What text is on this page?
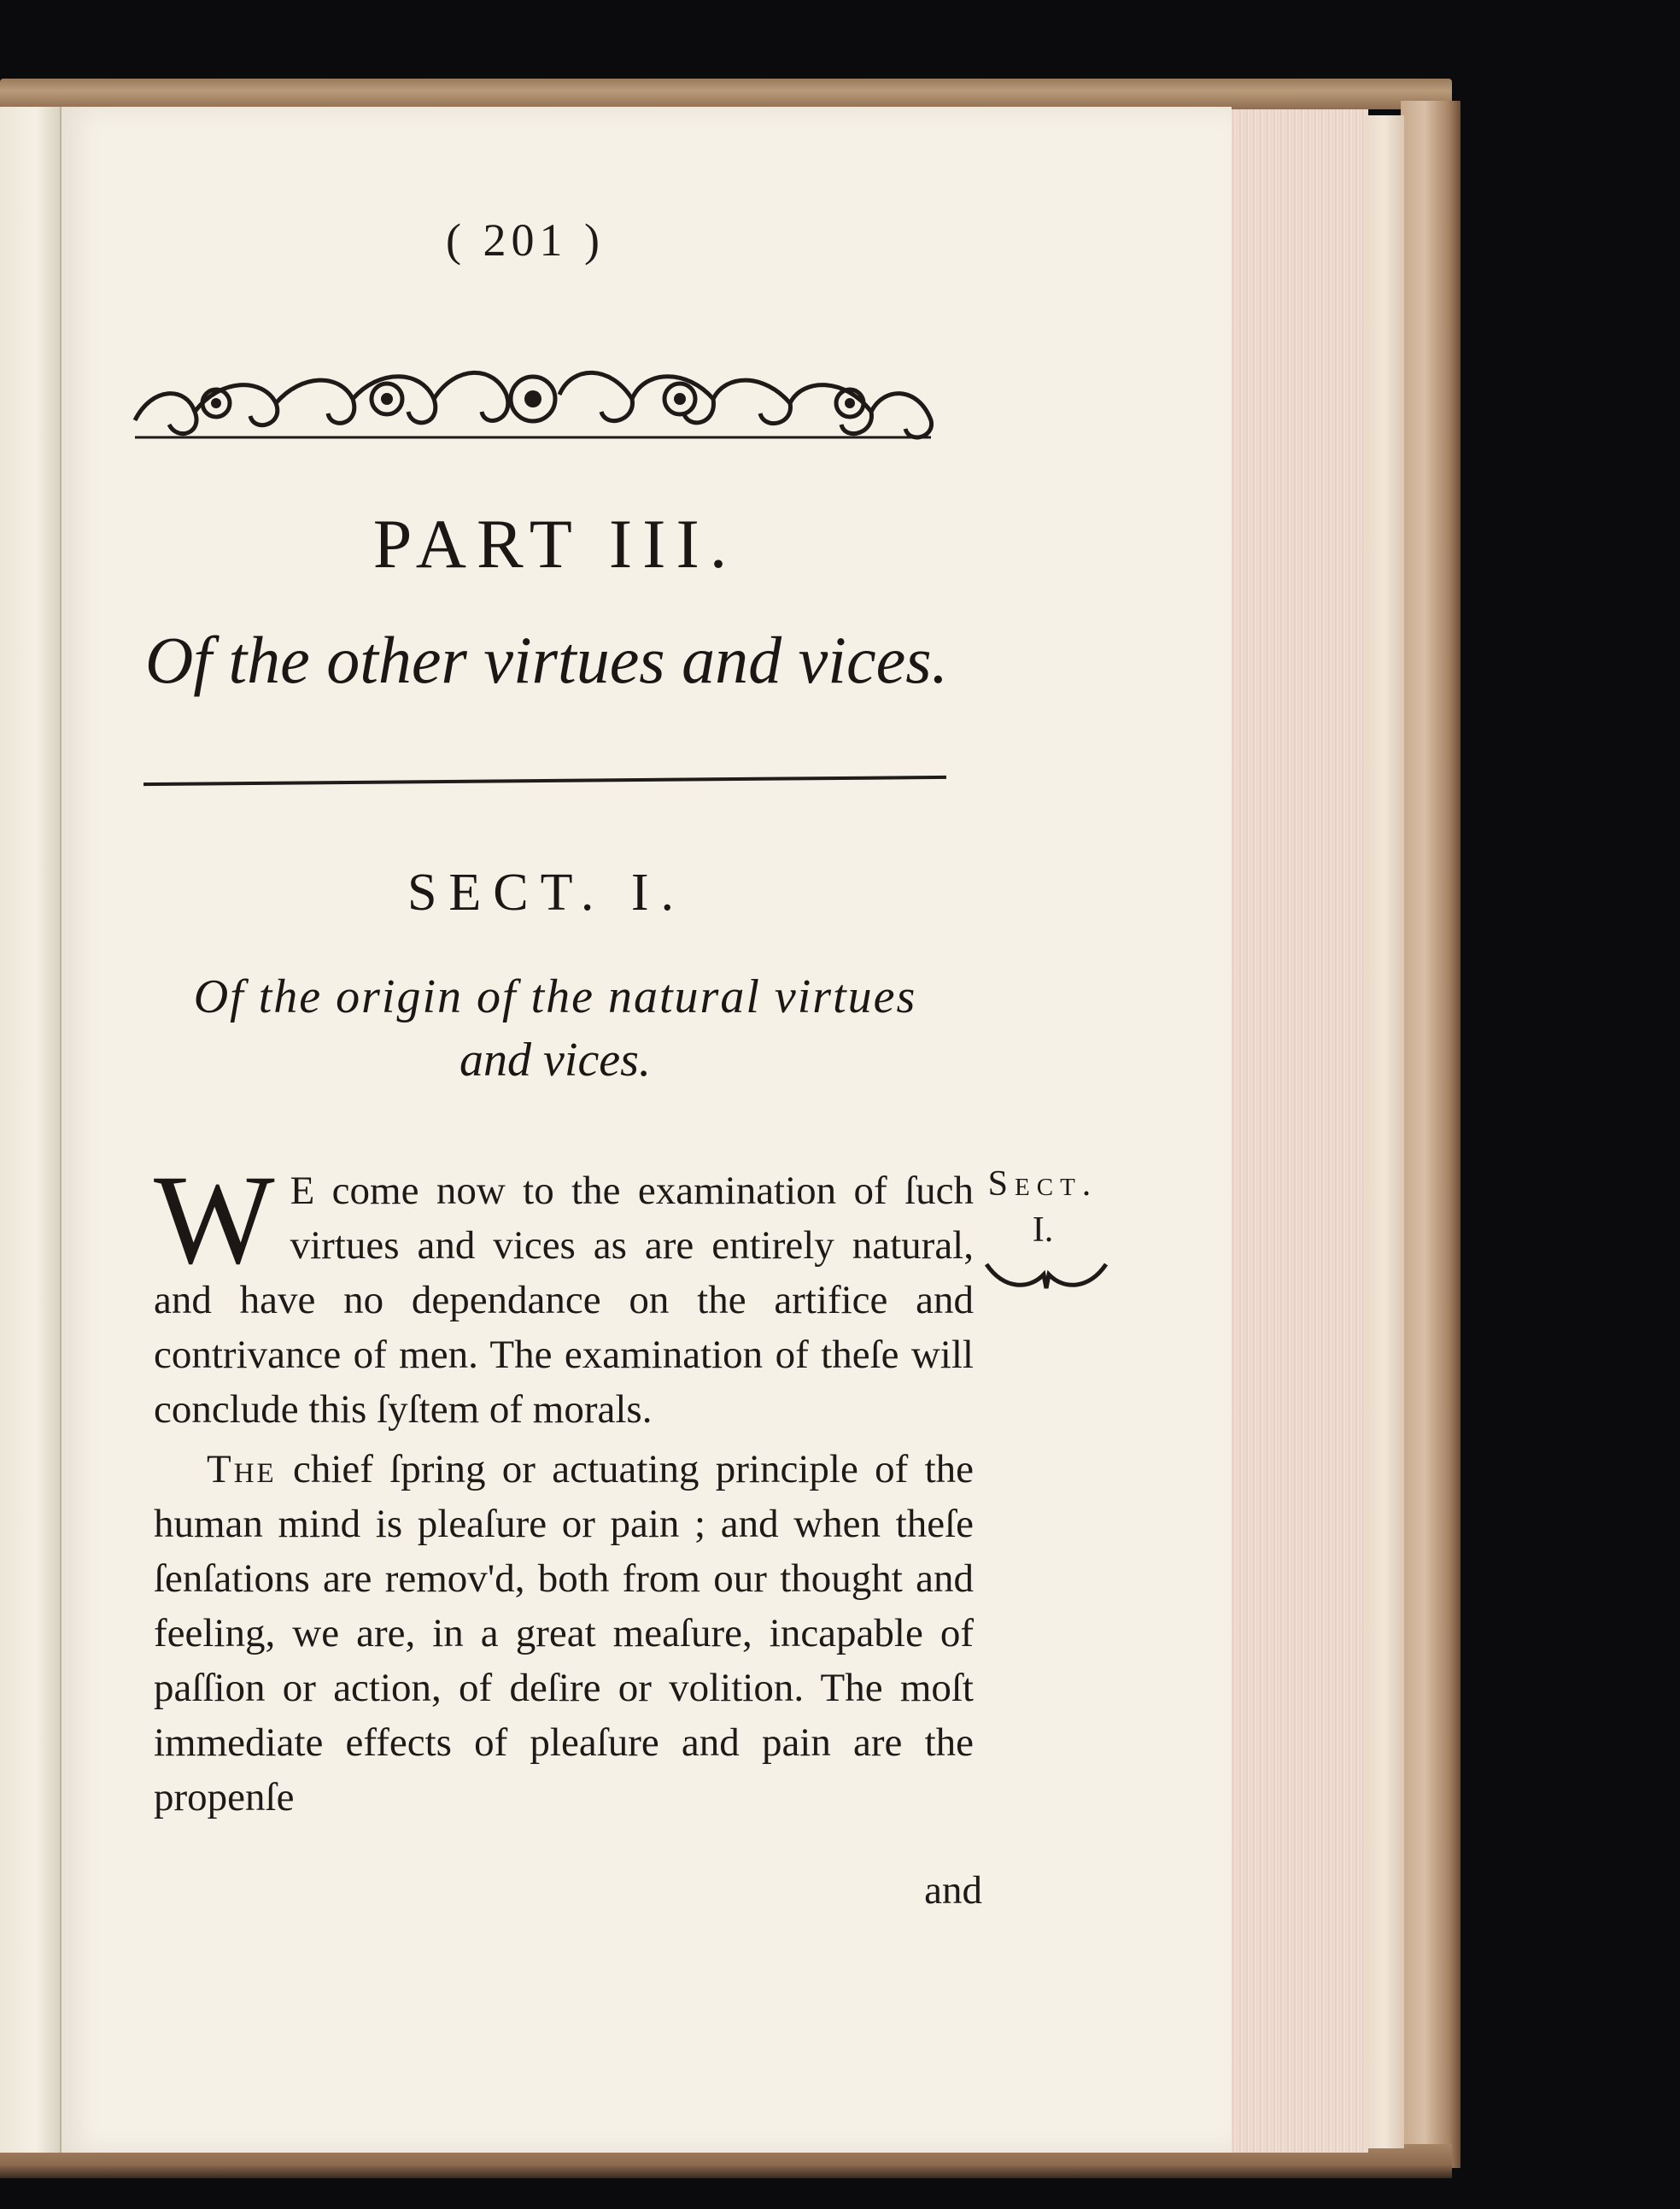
( 201 )
PART III.
Of the other virtues and vices.
SECT. I.
Of the origin of the natural virtues
and vices.

W E come now to the examination of ſuch virtues and vices as are entirely natural, and have no dependance on the artifice and contrivance of men. The examination of theſe will conclude this ſyſtem of morals.

The chief ſpring or actuating principle of the human mind is pleaſure or pain ; and when theſe ſenſations are remov'd, both from our thought and feeling, we are, in a great meaſure, incapable of paſſion or action, of deſire or volition. The moſt immediate effects of pleaſure and pain are the propenſe

Sect.
I.
and
